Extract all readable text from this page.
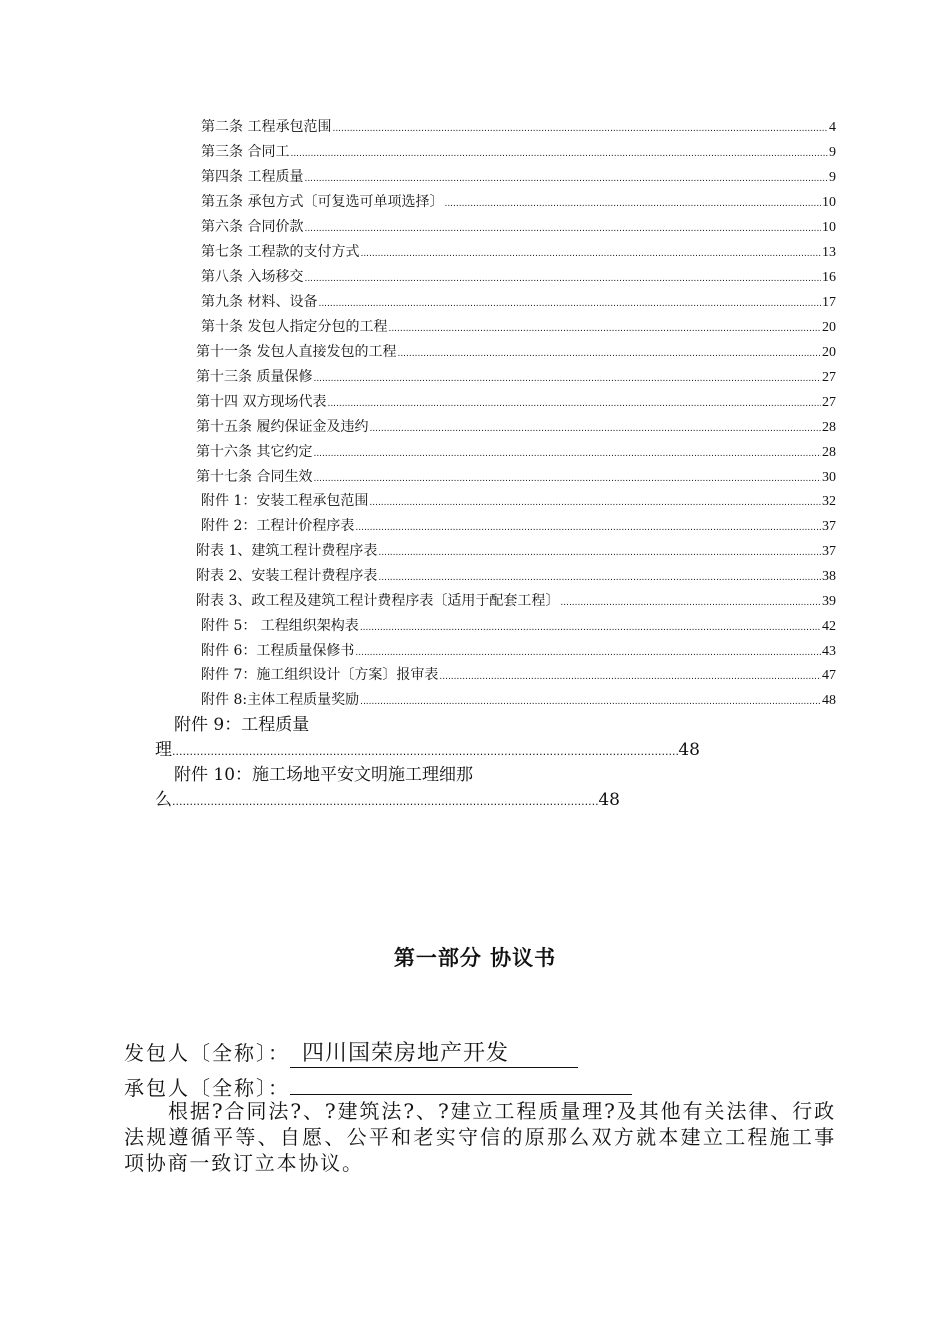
第二条 工程承包范围 .....	4
第三条 合同工 .....	9
第四条 工程质量 .....	9
第五条 承包方式〔可复选可单项选择〕 .....	10
第六条 合同价款 .....	10
第七条 工程款的支付方式 .....	13
第八条 入场移交 .....	16
第九条 材料、设备 .....	17
第十条 发包人指定分包的工程 .....	20
第十一条 发包人直接发包的工程 .....	20
第十三条 质量保修 .....	27
第十四 双方现场代表 .....	27
第十五条 履约保证金及违约 .....	28
第十六条 其它约定 .....	28
第十七条 合同生效 .....	30
附件 1：安装工程承包范围 .....	32
附件 2：工程计价程序表 .....	37
附表 1、建筑工程计费程序表 .....	37
附表 2、安装工程计费程序表 .....	38
附表 3、政工程及建筑工程计费程序表〔适用于配套工程〕 .....	39
附件 5： 工程组织架构表 .....	42
附件 6：工程质量保修书 .....	43
附件 7：施工组织设计〔方案〕报审表 .....	47
附件 8:主体工程质量奖励 .....	48
附件 9：工程质量
理 .....	48
附件 10：施工场地平安文明施工理细那
么 .....	48
第一部分 协议书
发包人〔全称〕： 四川国荣房地产开发
承包人〔全称〕：
根据?合同法?、?建筑法?、?建立工程质量理?及其他有关法律、行政法规遵循平等、自愿、公平和老实守信的原那么双方就本建立工程施工事项协商一致订立本协议。
